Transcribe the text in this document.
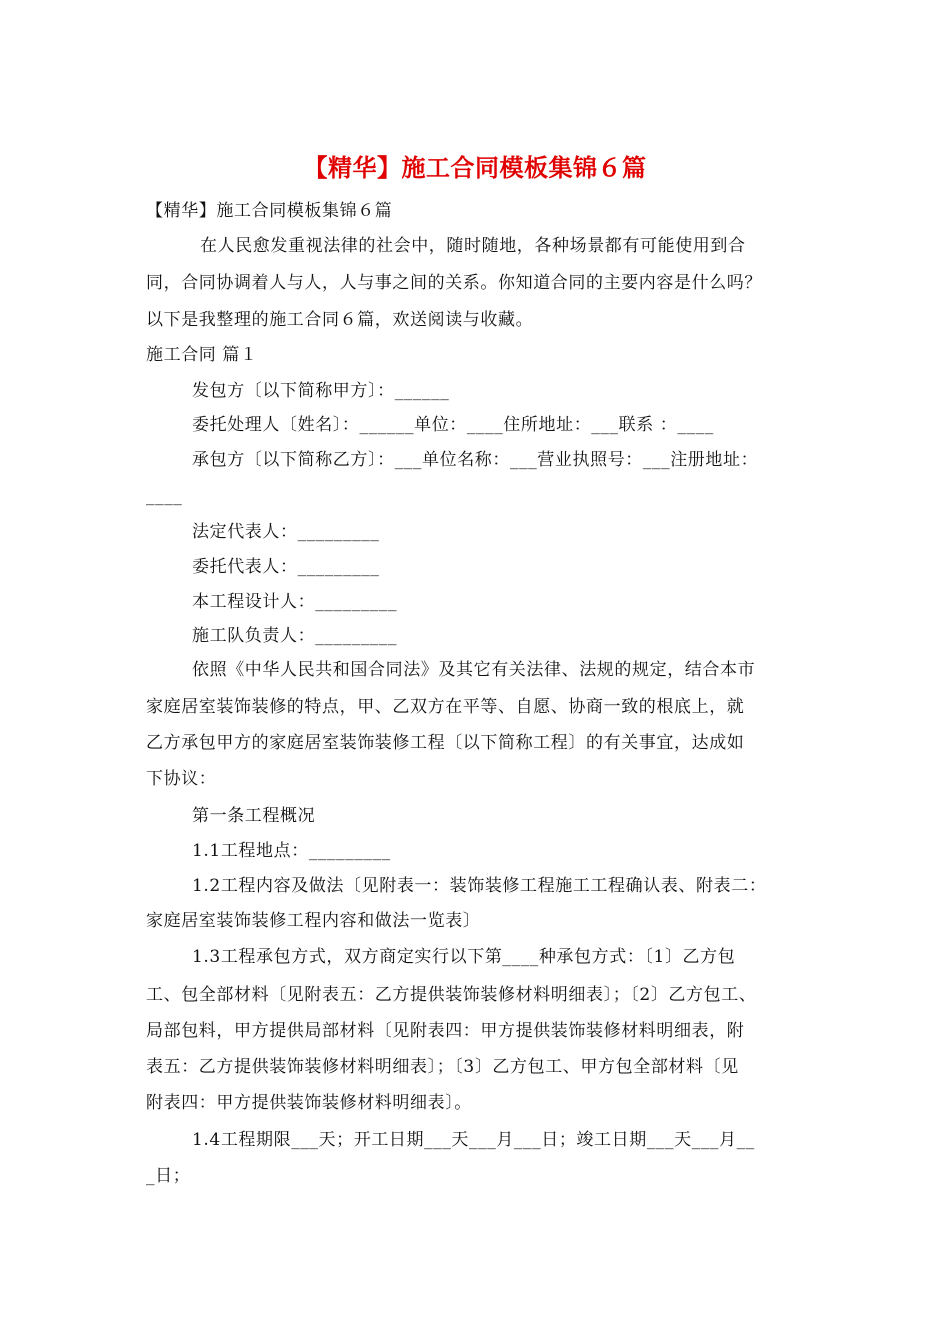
【精华】施工合同模板集锦６篇
【精华】施工合同模板集锦６篇
在人民愈发重视法律的社会中，随时随地，各种场景都有可能使用到合
同，合同协调着人与人，人与事之间的关系。你知道合同的主要内容是什么吗？
以下是我整理的施工合同６篇，欢送阅读与收藏。
施工合同 篇１
发包方〔以下简称甲方〕：______
委托处理人〔姓名〕：______单位：____住所地址：___联系 ：____
承包方〔以下简称乙方〕：___单位名称：___营业执照号：___注册地址：
____
法定代表人：_________
委托代表人：_________
本工程设计人：_________
施工队负责人：_________
依照《中华人民共和国合同法》及其它有关法律、法规的规定，结合本市
家庭居室装饰装修的特点，甲、乙双方在平等、自愿、协商一致的根底上，就
乙方承包甲方的家庭居室装饰装修工程〔以下简称工程〕的有关事宜，达成如
下协议：
第一条工程概况
1.1工程地点：_________
1.2工程内容及做法〔见附表一：装饰装修工程施工工程确认表、附表二：
家庭居室装饰装修工程内容和做法一览表〕
1.3工程承包方式，双方商定实行以下第____种承包方式：〔1〕乙方包
工、包全部材料〔见附表五：乙方提供装饰装修材料明细表〕；〔2〕乙方包工、
局部包料，甲方提供局部材料〔见附表四：甲方提供装饰装修材料明细表，附
表五：乙方提供装饰装修材料明细表〕；〔3〕乙方包工、甲方包全部材料〔见
附表四：甲方提供装饰装修材料明细表〕。
1.4工程期限___天；开工日期___天___月___日；竣工日期___天___月__
_日；
